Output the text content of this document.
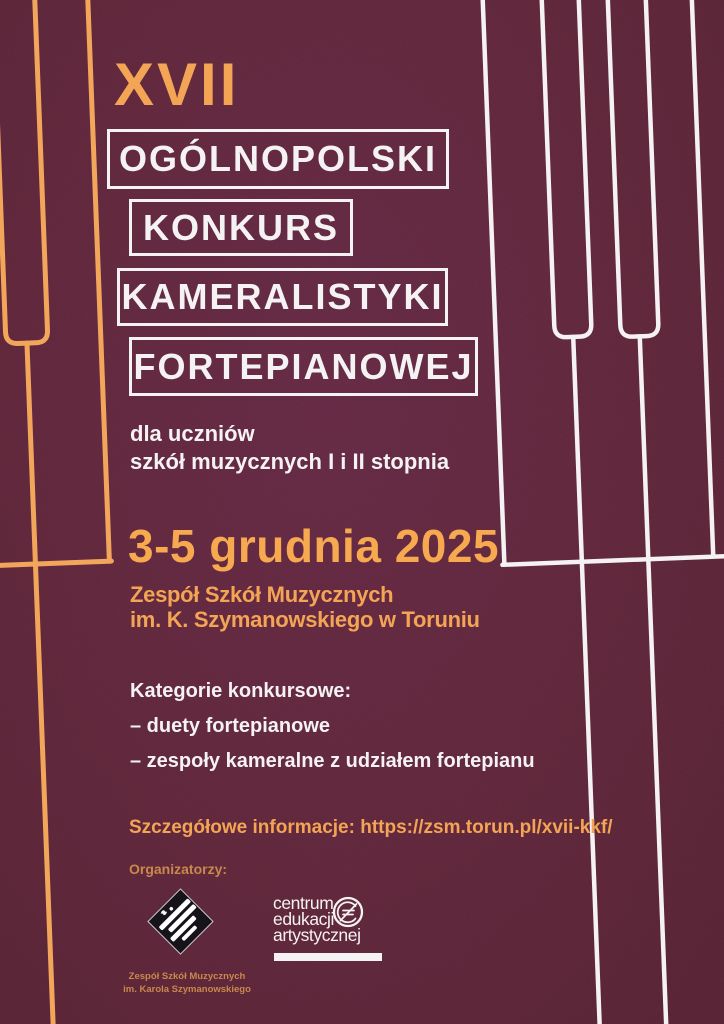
XVII
OGÓLNOPOLSKI
KONKURS
KAMERALISTYKI
FORTEPIANOWEJ
dla uczniów
szkół muzycznych I i II stopnia
3-5 grudnia 2025
Zespół Szkół Muzycznych
im. K. Szymanowskiego w Toruniu
Kategorie konkursowe:
– duety fortepianowe
– zespoły kameralne z udziałem fortepianu
Szczegółowe informacje: https://zsm.torun.pl/xvii-kkf/
Organizatorzy:
Zespół Szkół Muzycznych
im. Karola Szymanowskiego
centrum
edukacji
artystycznej
